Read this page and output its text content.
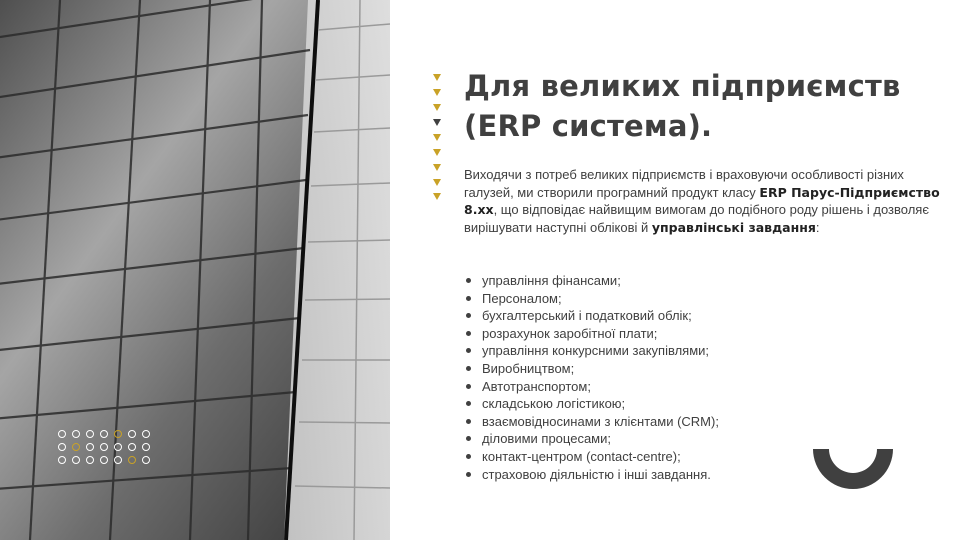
Для великих підприємств
(ERP система).

Виходячи з потреб великих підприємств і враховуючи особливості різних галузей, ми створили програмний продукт класу ERP Парус-Підприємство 8.хх, що відповідає найвищим вимогам до подібного роду рішень і дозволяє вирішувати наступні облікові й управлінські завдання:

управління фінансами;
Персоналом;
бухгалтерський і податковий облік;
розрахунок заробітної плати;
управління конкурсними закупівлями;
Виробництвом;
Автотранспортом;
складською логістикою;
взаємовідносинами з клієнтами (CRM);
діловими процесами;
контакт-центром (contact-centre);
страховою діяльністю і інші завдання.
